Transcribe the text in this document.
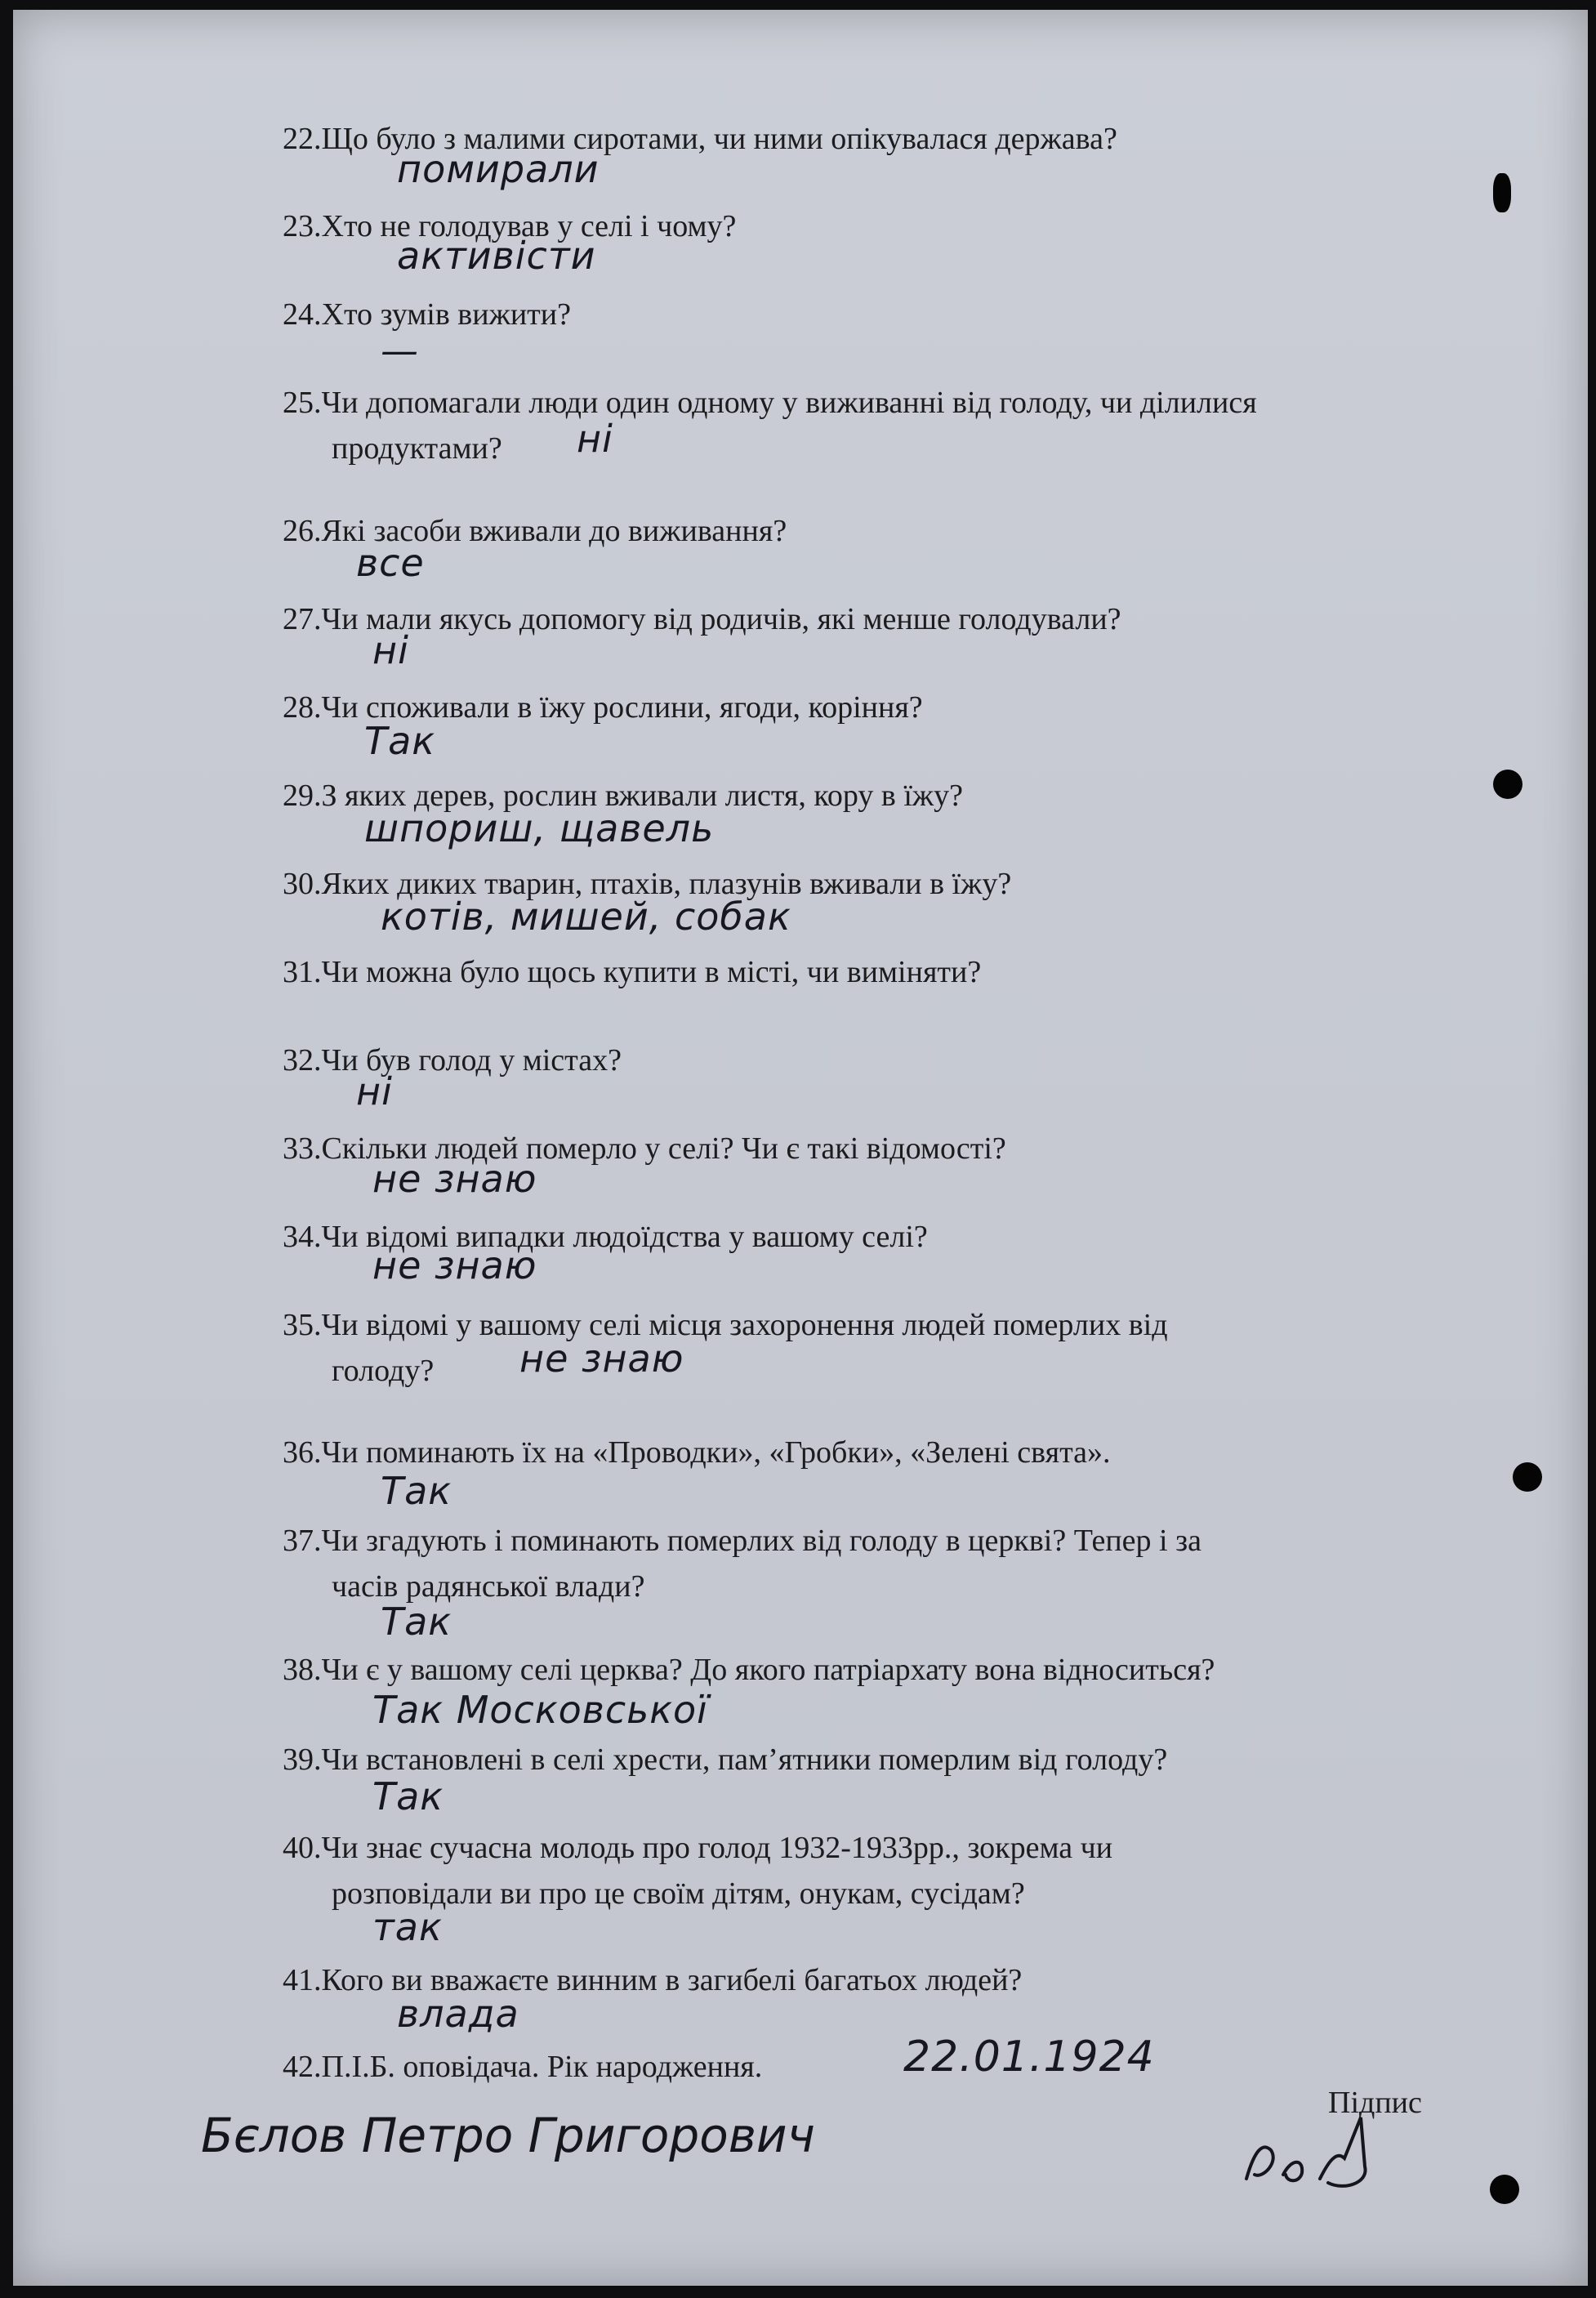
22.Що було з малими сиротами, чи ними опікувалася держава?
помирали
23.Хто не голодував у селі і чому?
активісти
24.Хто зумів вижити?
—
25.Чи допомагали люди один одному у виживанні від голоду, чи ділилися
продуктами?	ні
26.Які засоби вживали до виживання?
все
27.Чи мали якусь допомогу від родичів, які менше голодували?
ні
28.Чи споживали в їжу рослини, ягоди, коріння?
Так
29.З яких дерев, рослин вживали листя, кору в їжу?
шпориш, щавель
30.Яких диких тварин, птахів, плазунів вживали в їжу?
котів, мишей, собак
31.Чи можна було щось купити в місті, чи виміняти?
32.Чи був голод у містах?
ні
33.Скільки людей померло у селі? Чи є такі відомості?
не знаю
34.Чи відомі випадки людоїдства у вашому селі?
не знаю
35.Чи відомі у вашому селі місця захоронення людей померлих від
голоду?	не знаю
36.Чи поминають їх на «Проводки», «Гробки», «Зелені свята».
Так
37.Чи згадують і поминають померлих від голоду в церкві? Тепер і за
часів радянської влади?
Так
38.Чи є у вашому селі церква? До якого патріархату вона відноситься?
Так Московської
39.Чи встановлені в селі хрести, пам’ятники померлим від голоду?
Так
40.Чи знає сучасна молодь про голод 1932-1933рр., зокрема чи
розповідали ви про це своїм дітям, онукам, сусідам?
так
41.Кого ви вважаєте винним в загибелі багатьох людей?
влада
42.П.І.Б. оповідача. Рік народження.	22.01.1924
Бєлов Петро Григорович
Підпис
